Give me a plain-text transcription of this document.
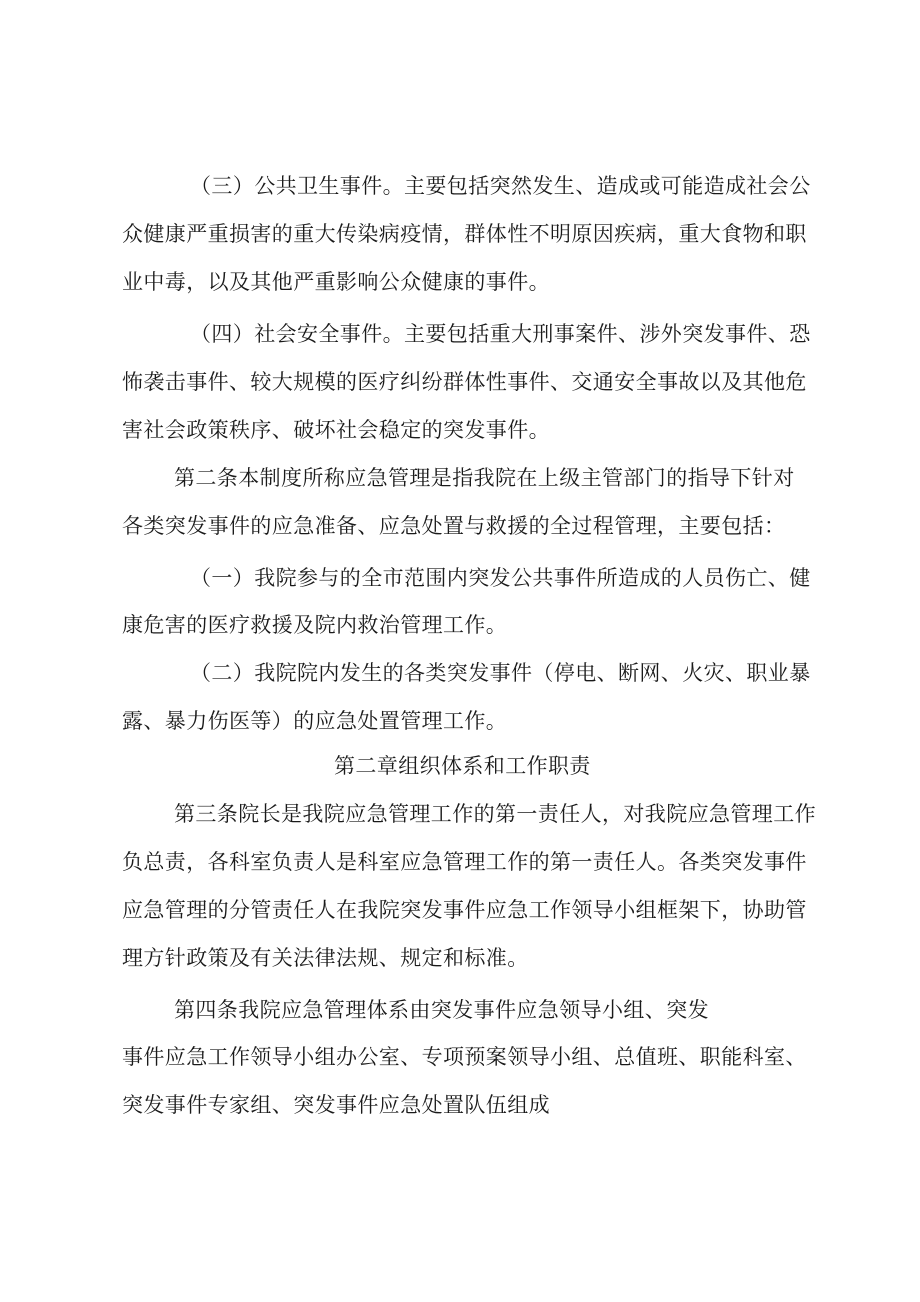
（三）公共卫生事件。主要包括突然发生、造成或可能造成社会公
众健康严重损害的重大传染病疫情，群体性不明原因疾病，重大食物和职
业中毒，以及其他严重影响公众健康的事件。
（四）社会安全事件。主要包括重大刑事案件、涉外突发事件、恐
怖袭击事件、较大规模的医疗纠纷群体性事件、交通安全事故以及其他危
害社会政策秩序、破坏社会稳定的突发事件。
第二条本制度所称应急管理是指我院在上级主管部门的指导下针对
各类突发事件的应急准备、应急处置与救援的全过程管理，主要包括：
（一）我院参与的全市范围内突发公共事件所造成的人员伤亡、健
康危害的医疗救援及院内救治管理工作。
（二）我院院内发生的各类突发事件（停电、断网、火灾、职业暴
露、暴力伤医等）的应急处置管理工作。
第二章组织体系和工作职责
第三条院长是我院应急管理工作的第一责任人，对我院应急管理工作
负总责，各科室负责人是科室应急管理工作的第一责任人。各类突发事件
应急管理的分管责任人在我院突发事件应急工作领导小组框架下，协助管
理方针政策及有关法律法规、规定和标准。
第四条我院应急管理体系由突发事件应急领导小组、突发
事件应急工作领导小组办公室、专项预案领导小组、总值班、职能科室、
突发事件专家组、突发事件应急处置队伍组成
